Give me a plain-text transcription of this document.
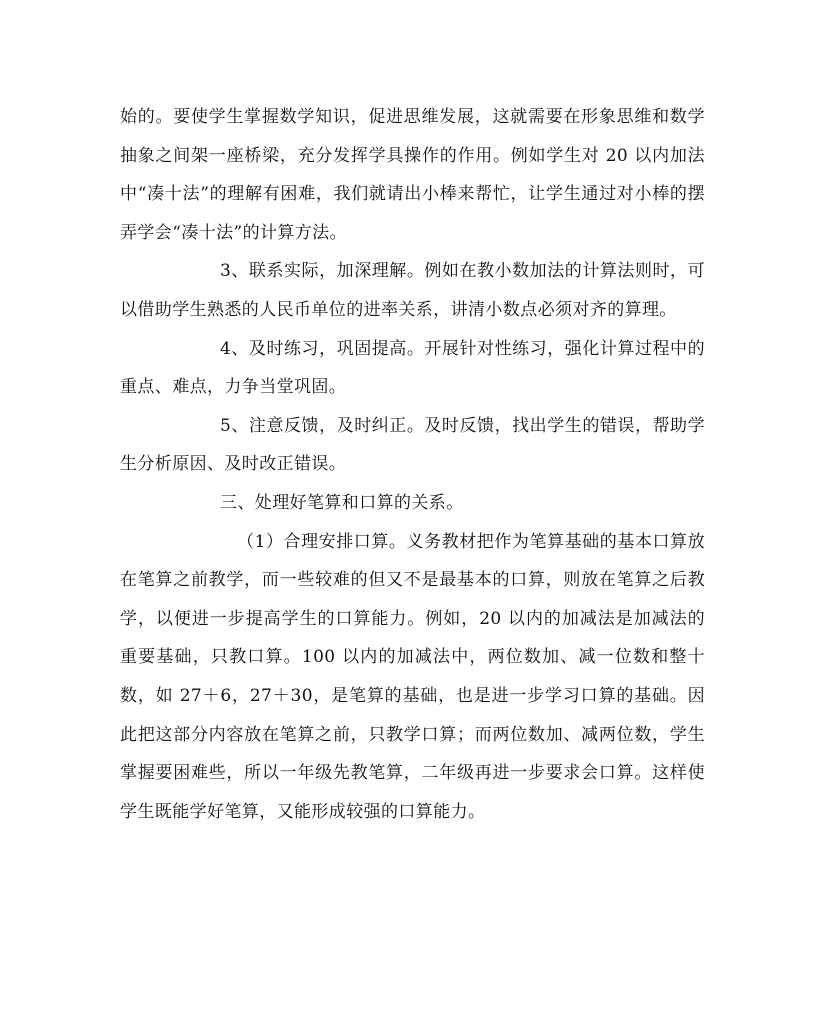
始的。要使学生掌握数学知识，促进思维发展，这就需要在形象思维和数学抽象之间架一座桥梁，充分发挥学具操作的作用。例如学生对 20 以内加法中“凑十法”的理解有困难，我们就请出小棒来帮忙，让学生通过对小棒的摆弄学会“凑十法”的计算方法。

3、联系实际，加深理解。例如在教小数加法的计算法则时，可以借助学生熟悉的人民币单位的进率关系，讲清小数点必须对齐的算理。

4、及时练习，巩固提高。开展针对性练习，强化计算过程中的重点、难点，力争当堂巩固。

5、注意反馈，及时纠正。及时反馈，找出学生的错误，帮助学生分析原因、及时改正错误。

三、处理好笔算和口算的关系。

（1）合理安排口算。义务教材把作为笔算基础的基本口算放在笔算之前教学，而一些较难的但又不是最基本的口算，则放在笔算之后教学，以便进一步提高学生的口算能力。例如，20 以内的加减法是加减法的重要基础，只教口算。100 以内的加减法中，两位数加、减一位数和整十数，如 27＋6，27＋30，是笔算的基础，也是进一步学习口算的基础。因此把这部分内容放在笔算之前，只教学口算；而两位数加、减两位数，学生掌握要困难些，所以一年级先教笔算，二年级再进一步要求会口算。这样使学生既能学好笔算，又能形成较强的口算能力。
